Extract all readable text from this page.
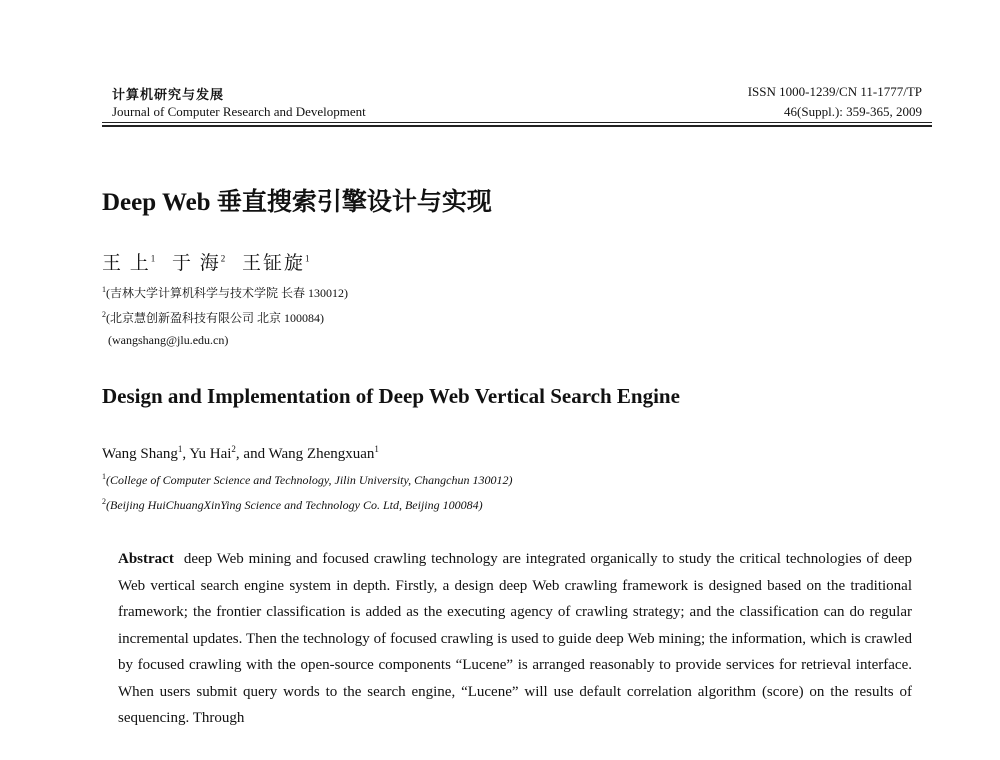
计算机研究与发展
Journal of Computer Research and Development
ISSN 1000-1239/CN 11-1777/TP
46(Suppl.): 359-365, 2009
Deep Web 垂直搜索引擎设计与实现
王 上$^1$ 于 海$^2$ 王钲旋$^1$
$^1$(吉林大学计算机科学与技术学院 长春 130012)
$^2$(北京慧创新盈科技有限公司 北京 100084)
(wangshang@jlu.edu.cn)
Design and Implementation of Deep Web Vertical Search Engine
Wang Shang$^1$, Yu Hai$^2$, and Wang Zhengxuan$^1$
$^1$(College of Computer Science and Technology, Jilin University, Changchun 130012)
$^2$(Beijing HuiChuangXinYing Science and Technology Co. Ltd, Beijing 100084)
Abstract deep Web mining and focused crawling technology are integrated organically to study the critical technologies of deep Web vertical search engine system in depth. Firstly, a design deep Web crawling framework is designed based on the traditional framework; the frontier classification is added as the executing agency of crawling strategy; and the classification can do regular incremental updates. Then the technology of focused crawling is used to guide deep Web mining; the information, which is crawled by focused crawling with the open-source components “Lucene” is arranged reasonably to provide services for retrieval interface. When users submit query words to the search engine, “Lucene” will use default correlation algorithm (score) on the results of sequencing. Through
